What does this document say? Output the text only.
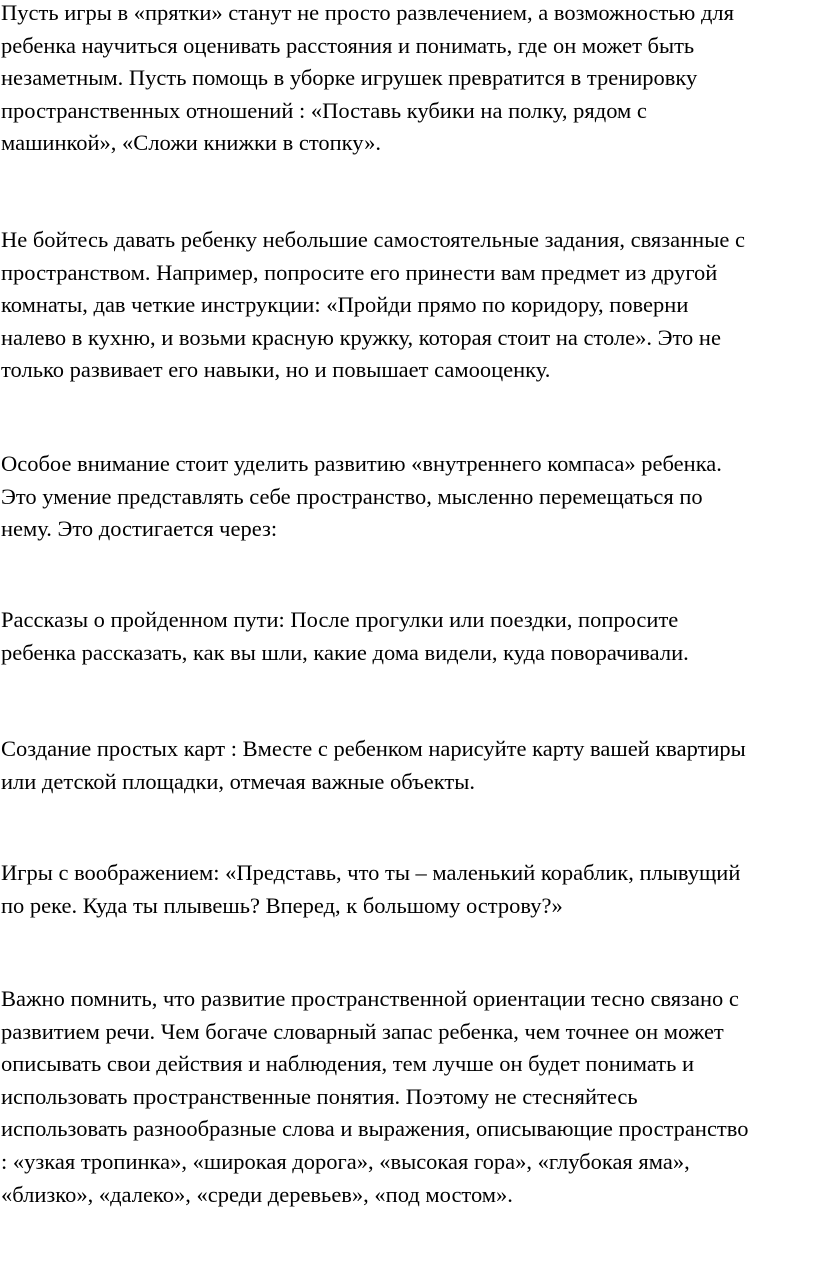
Пусть игры в «прятки» станут не просто развлечением, а возможностью для
ребенка научиться оценивать расстояния и понимать, где он может быть
незаметным. Пусть помощь в уборке игрушек превратится в тренировку
пространственных отношений : «Поставь кубики на полку, рядом с
машинкой», «Сложи книжки в стопку».

Не бойтесь давать ребенку небольшие самостоятельные задания, связанные с
пространством. Например, попросите его принести вам предмет из другой
комнаты, дав четкие инструкции: «Пройди прямо по коридору, поверни
налево в кухню, и возьми красную кружку, которая стоит на столе». Это не
только развивает его навыки, но и повышает самооценку.

Особое внимание стоит уделить развитию «внутреннего компаса» ребенка.
Это умение представлять себе пространство, мысленно перемещаться по
нему. Это достигается через:

Рассказы о пройденном пути: После прогулки или поездки, попросите
ребенка рассказать, как вы шли, какие дома видели, куда поворачивали.

Создание простых карт : Вместе с ребенком нарисуйте карту вашей квартиры
или детской площадки, отмечая важные объекты.

Игры с воображением: «Представь, что ты – маленький кораблик, плывущий
по реке. Куда ты плывешь? Вперед, к большому острову?»

Важно помнить, что развитие пространственной ориентации тесно связано с
развитием речи. Чем богаче словарный запас ребенка, чем точнее он может
описывать свои действия и наблюдения, тем лучше он будет понимать и
использовать пространственные понятия. Поэтому не стесняйтесь
использовать разнообразные слова и выражения, описывающие пространство
: «узкая тропинка», «широкая дорога», «высокая гора», «глубокая яма»,
«близко», «далеко», «среди деревьев», «под мостом».
